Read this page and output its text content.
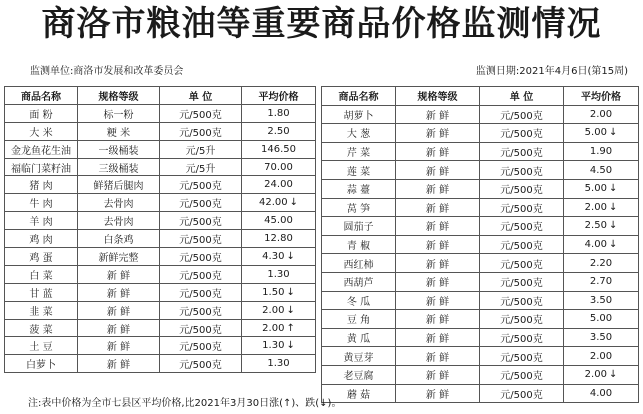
商洛市粮油等重要商品价格监测情况
监测单位:商洛市发展和改革委员会	监测日期:2021年4月6日(第15周)
商品名称	规格等级	单 位	平均价格
面 粉	标一粉	元/500克	1.80
大 米	粳 米	元/500克	2.50
金龙鱼花生油	一级桶装	元/5升	146.50
福临门菜籽油	三级桶装	元/5升	70.00
猪 肉	鲜猪后腿肉	元/500克	24.00
牛 肉	去骨肉	元/500克	42.00 ↓
羊 肉	去骨肉	元/500克	45.00
鸡 肉	白条鸡	元/500克	12.80
鸡 蛋	新鲜完整	元/500克	4.30 ↓
白 菜	新 鲜	元/500克	1.30
甘 蓝	新 鲜	元/500克	1.50 ↓
韭 菜	新 鲜	元/500克	2.00 ↓
菠 菜	新 鲜	元/500克	2.00 ↑
土 豆	新 鲜	元/500克	1.30 ↓
白萝卜	新 鲜	元/500克	1.30
商品名称	规格等级	单 位	平均价格
胡萝卜	新 鲜	元/500克	2.00
大 葱	新 鲜	元/500克	5.00 ↓
芹 菜	新 鲜	元/500克	1.90
莲 菜	新 鲜	元/500克	4.50
蒜 薹	新 鲜	元/500克	5.00 ↓
莴 笋	新 鲜	元/500克	2.00 ↓
圆茄子	新 鲜	元/500克	2.50 ↓
青 椒	新 鲜	元/500克	4.00 ↓
西红柿	新 鲜	元/500克	2.20
西葫芦	新 鲜	元/500克	2.70
冬 瓜	新 鲜	元/500克	3.50
豆 角	新 鲜	元/500克	5.00
黄 瓜	新 鲜	元/500克	3.50
黄豆芽	新 鲜	元/500克	2.00
老豆腐	新 鲜	元/500克	2.00 ↓
蘑 菇	新 鲜	元/500克	4.00
注:表中价格为全市七县区平均价格,比2021年3月30日涨(↑)、跌(↓)。
